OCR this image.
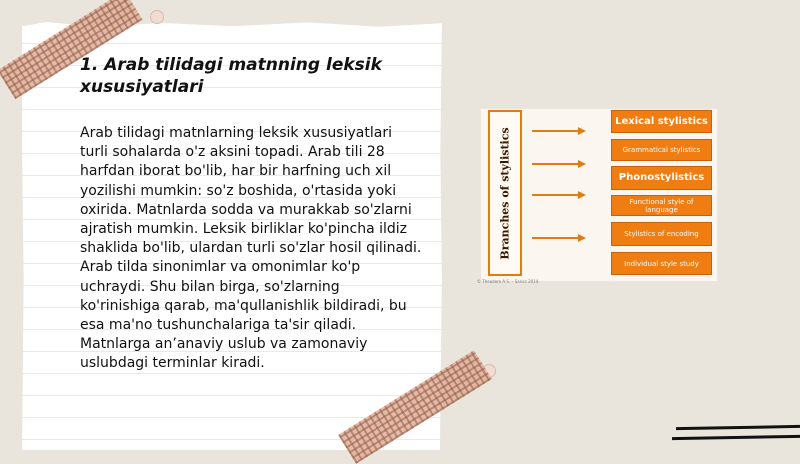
1. Arab tilidagi matnning leksik xususiyatlari

Arab tilidagi matnlarning leksik xususiyatlari turli sohalarda o'z aksini topadi. Arab tili 28 harfdan iborat bo'lib, har bir harfning uch xil yozilishi mumkin: so'z boshida, o'rtasida yoki oxirida. Matnlarda sodda va murakkab so'zlarni ajratish mumkin. Leksik birliklar ko'pincha ildiz shaklida bo'lib, ulardan turli so'zlar hosil qilinadi. Arab tilda sinonimlar va omonimlar ko'p uchraydi. Shu bilan birga, so'zlarning ko'rinishiga qarab, ma'qullanishlik bildiradi, bu esa ma'no tushunchalariga ta'sir qiladi. Matnlarga an’anaviy uslub va zamonaviy uslubdagi terminlar kiradi.

Branches of stylistics
Lexical stylistics
Grammatical stylistics
Phonostylistics
Functional style of language
Stylistics of encoding
Individual style study

© Theodore A.S. – Saricc 2014.
